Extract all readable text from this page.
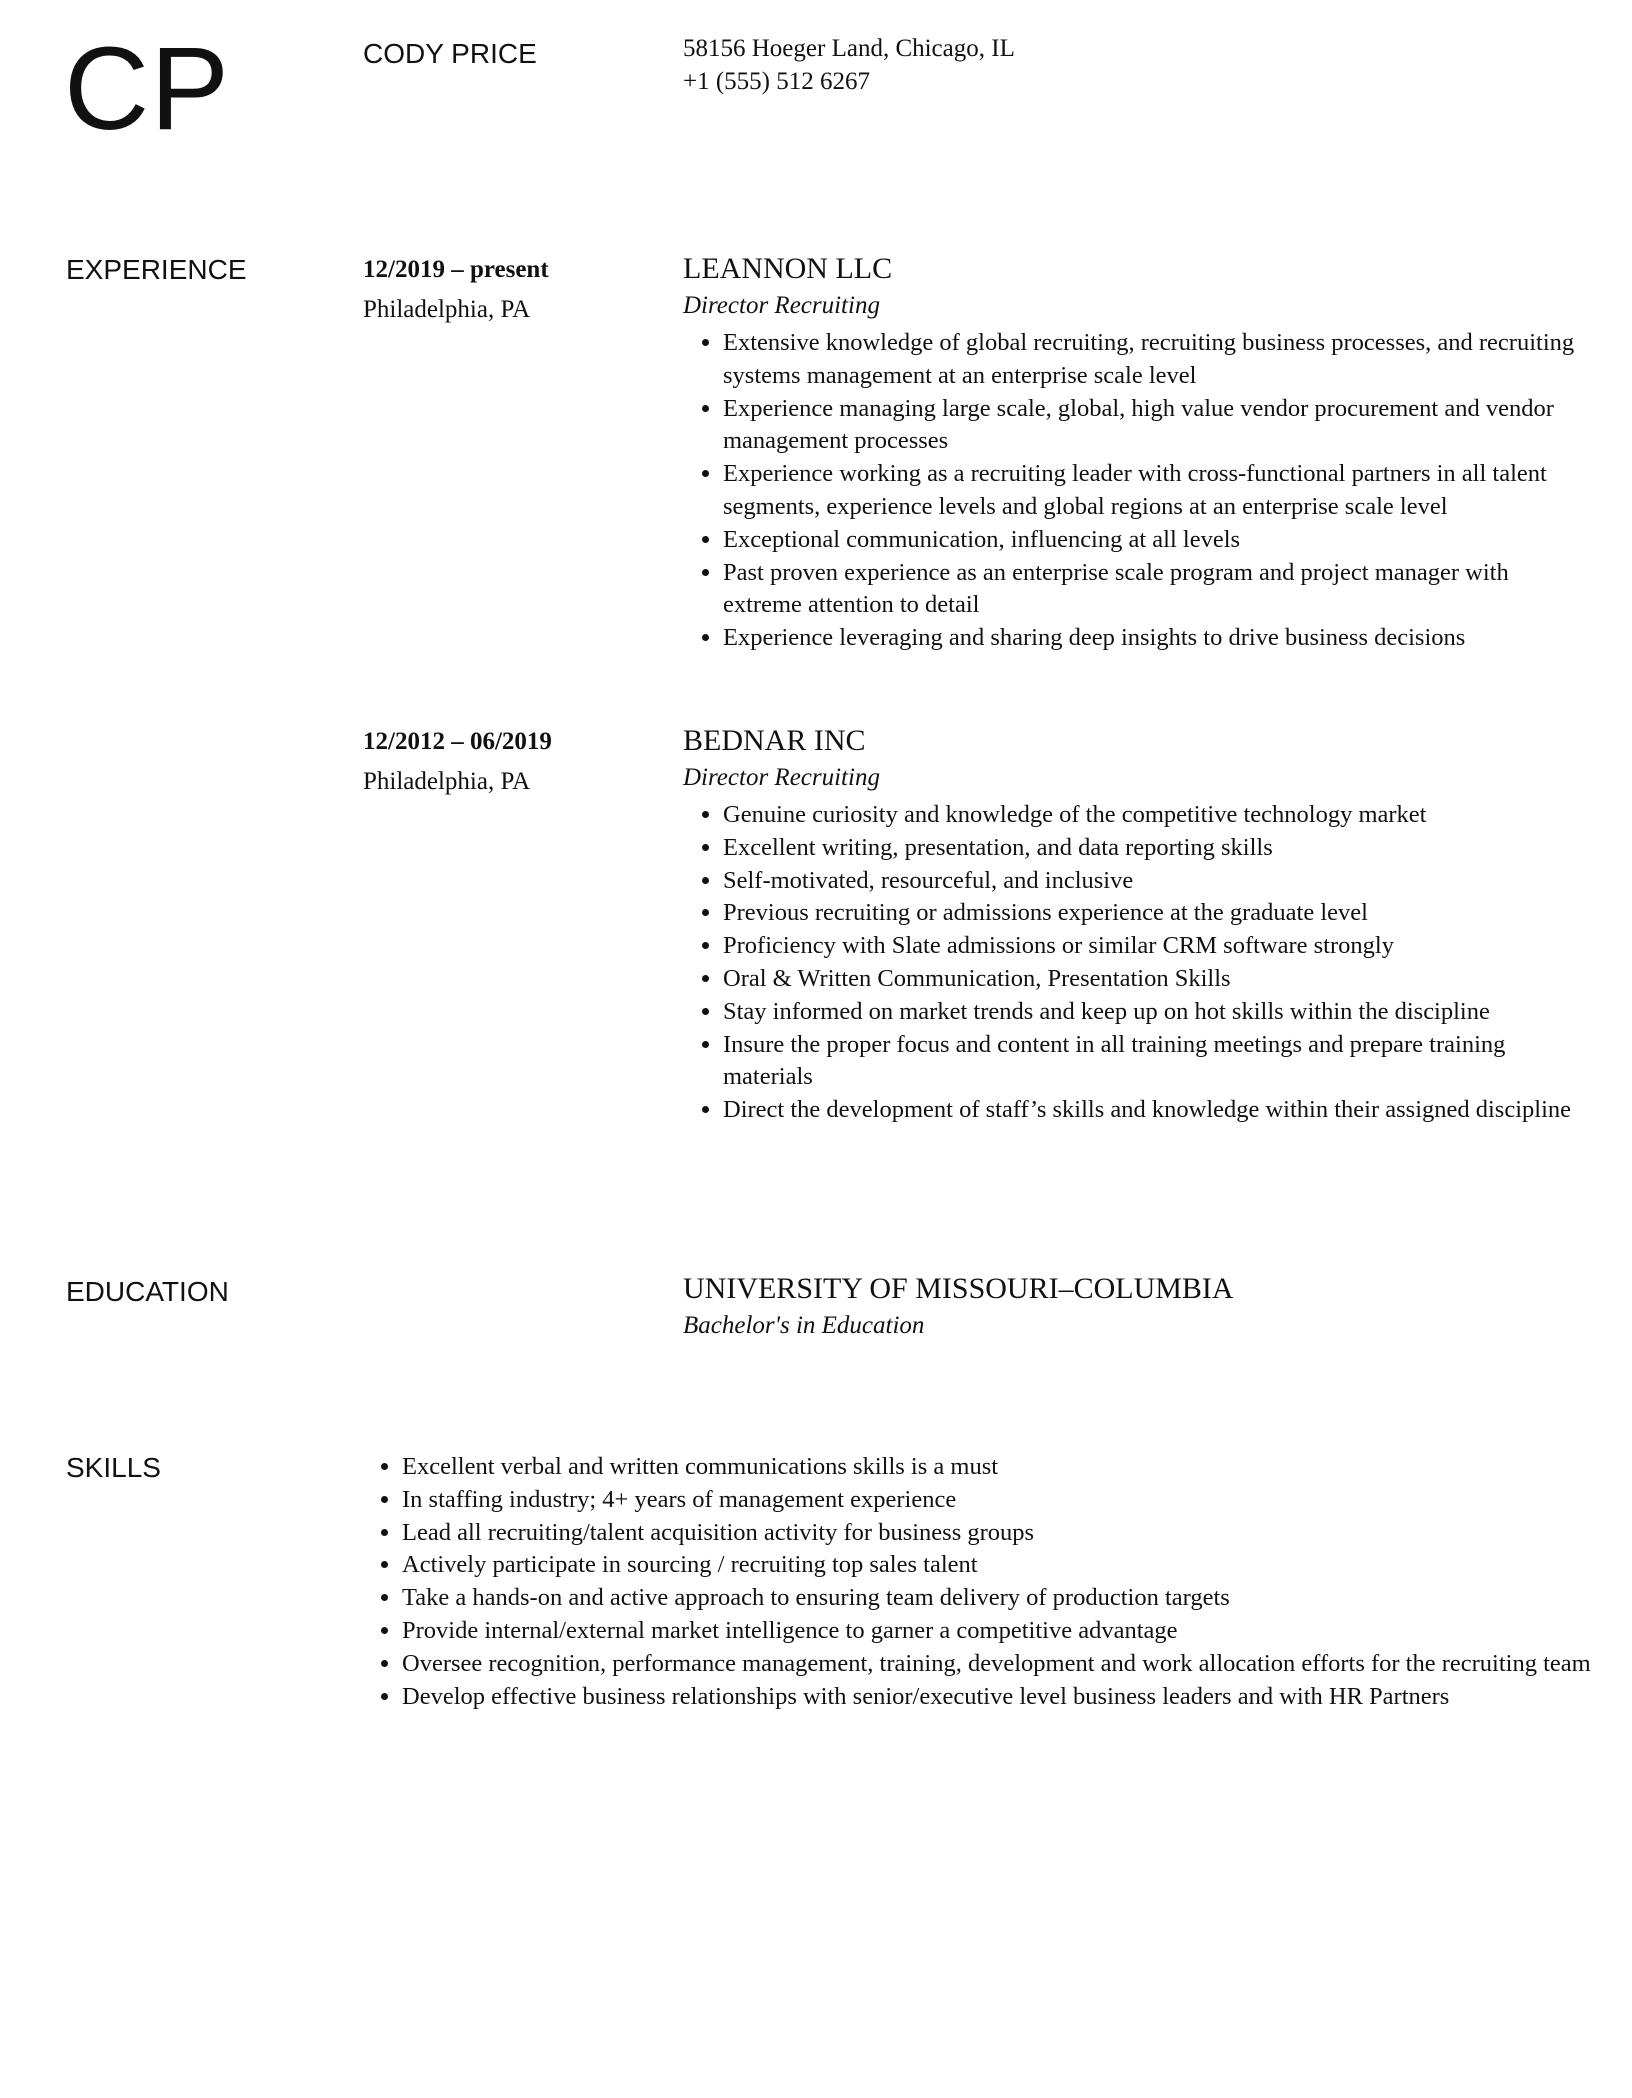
CP	CODY PRICE	58156 Hoeger Land, Chicago, IL
+1 (555) 512 6267
EXPERIENCE	12/2019 – present
Philadelphia, PA
LEANNON LLC
Director Recruiting
• Extensive knowledge of global recruiting, recruiting business processes, and recruiting systems management at an enterprise scale level
• Experience managing large scale, global, high value vendor procurement and vendor management processes
• Experience working as a recruiting leader with cross-functional partners in all talent segments, experience levels and global regions at an enterprise scale level
• Exceptional communication, influencing at all levels
• Past proven experience as an enterprise scale program and project manager with extreme attention to detail
• Experience leveraging and sharing deep insights to drive business decisions
12/2012 – 06/2019
Philadelphia, PA
BEDNAR INC
Director Recruiting
• Genuine curiosity and knowledge of the competitive technology market
• Excellent writing, presentation, and data reporting skills
• Self-motivated, resourceful, and inclusive
• Previous recruiting or admissions experience at the graduate level
• Proficiency with Slate admissions or similar CRM software strongly
• Oral & Written Communication, Presentation Skills
• Stay informed on market trends and keep up on hot skills within the discipline
• Insure the proper focus and content in all training meetings and prepare training materials
• Direct the development of staff’s skills and knowledge within their assigned discipline
EDUCATION	UNIVERSITY OF MISSOURI–COLUMBIA
Bachelor's in Education
SKILLS
•	Excellent verbal and written communications skills is a must
• In staffing industry; 4+ years of management experience
• Lead all recruiting/talent acquisition activity for business groups
• Actively participate in sourcing / recruiting top sales talent
• Take a hands-on and active approach to ensuring team delivery of production targets
• Provide internal/external market intelligence to garner a competitive advantage
• Oversee recognition, performance management, training, development and work allocation efforts for the recruiting team
• Develop effective business relationships with senior/executive level business leaders and with HR Partners
